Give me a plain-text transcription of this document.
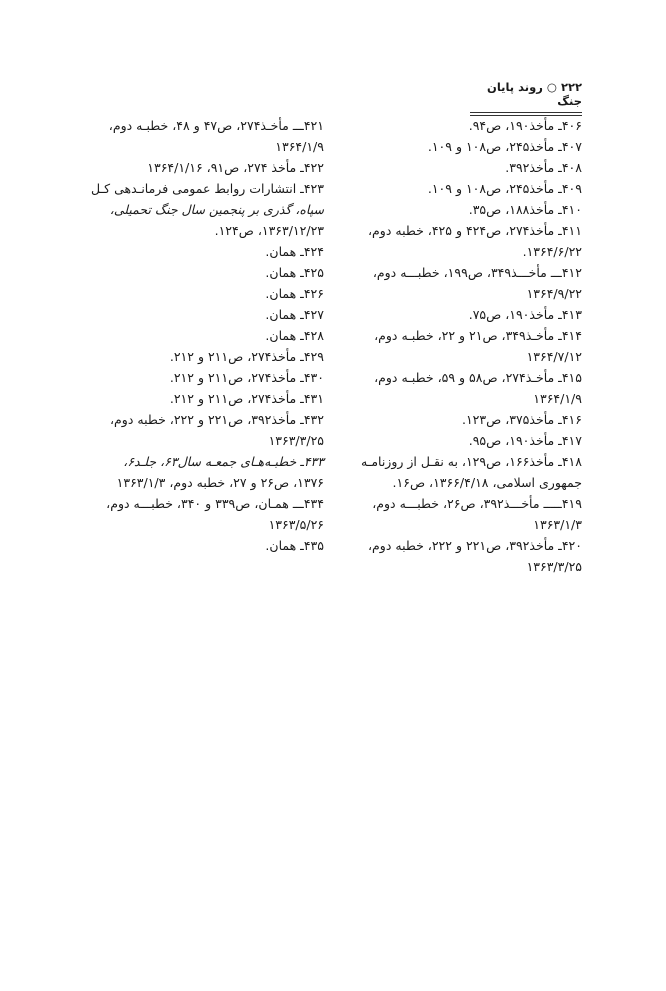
۲۲۲ ○ روند پایان جنگ
۴۰۶ـ مأخذ۱۹۰، ص۹۴.
۴۰۷ـ مأخذ۲۴۵، ص۱۰۸ و ۱۰۹.
۴۰۸ـ مأخذ۳۹۲.
۴۰۹ـ مأخذ۲۴۵، ص۱۰۸ و ۱۰۹.
۴۱۰ـ مأخذ۱۸۸، ص۳۵.
۴۱۱ـ مأخذ۲۷۴، ص۴۲۴ و ۴۲۵، خطبه دوم،
۱۳۶۴/۶/۲۲.
۴۱۲ـــ مأخـــذ۳۴۹، ص۱۹۹، خطبـــه دوم،
۱۳۶۴/۹/۲۲
۴۱۳ـ مأخذ۱۹۰، ص۷۵.
۴۱۴ـ مأخـذ۳۴۹، ص۲۱ و ۲۲، خطبـه دوم،
۱۳۶۴/۷/۱۲
۴۱۵ـ مأخـذ۲۷۴، ص۵۸ و ۵۹، خطبـه دوم،
۱۳۶۴/۱/۹
۴۱۶ـ مأخذ۳۷۵، ص۱۲۳.
۴۱۷ـ مأخذ۱۹۰، ص۹۵.
۴۱۸ـ مأخذ۱۶۶، ص۱۲۹، به نقـل از روزنامـه
جمهوری اسلامی، ۱۳۶۶/۴/۱۸، ص۱۶.
۴۱۹ـــــ مأخـــذ۳۹۲، ص۲۶، خطبـــه دوم،
۱۳۶۳/۱/۳
۴۲۰ـ مأخذ۳۹۲، ص۲۲۱ و ۲۲۲، خطبه دوم،
۱۳۶۳/۳/۲۵
۴۲۱ـــ مأخـذ۲۷۴، ص۴۷ و ۴۸، خطبـه دوم،
۱۳۶۴/۱/۹
۴۲۲ـ مأخذ ۲۷۴، ص۹۱، ۱۳۶۴/۱/۱۶
۴۲۳ـ انتشارات روابط عمومی فرمانـدهی کـل
سپاه، گذری بر پنجمین سال جنگ تحمیلی،
۱۳۶۳/۱۲/۲۳، ص۱۲۴.
۴۲۴ـ همان.
۴۲۵ـ همان.
۴۲۶ـ همان.
۴۲۷ـ همان.
۴۲۸ـ همان.
۴۲۹ـ مأخذ۲۷۴، ص۲۱۱ و ۲۱۲.
۴۳۰ـ مأخذ۲۷۴، ص۲۱۱ و ۲۱۲.
۴۳۱ـ مأخذ۲۷۴، ص۲۱۱ و ۲۱۲.
۴۳۲ـ مأخذ۳۹۲، ص۲۲۱ و ۲۲۲، خطبه دوم،
۱۳۶۳/۳/۲۵
۴۳۳ـ خطبـه‌هـای جمعـه سال۶۳، جلـد۶،
۱۳۷۶، ص۲۶ و ۲۷، خطبه دوم، ۱۳۶۳/۱/۳
۴۳۴ـــ همـان، ص۳۳۹ و ۳۴۰، خطبـــه دوم،
۱۳۶۳/۵/۲۶
۴۳۵ـ همان.
